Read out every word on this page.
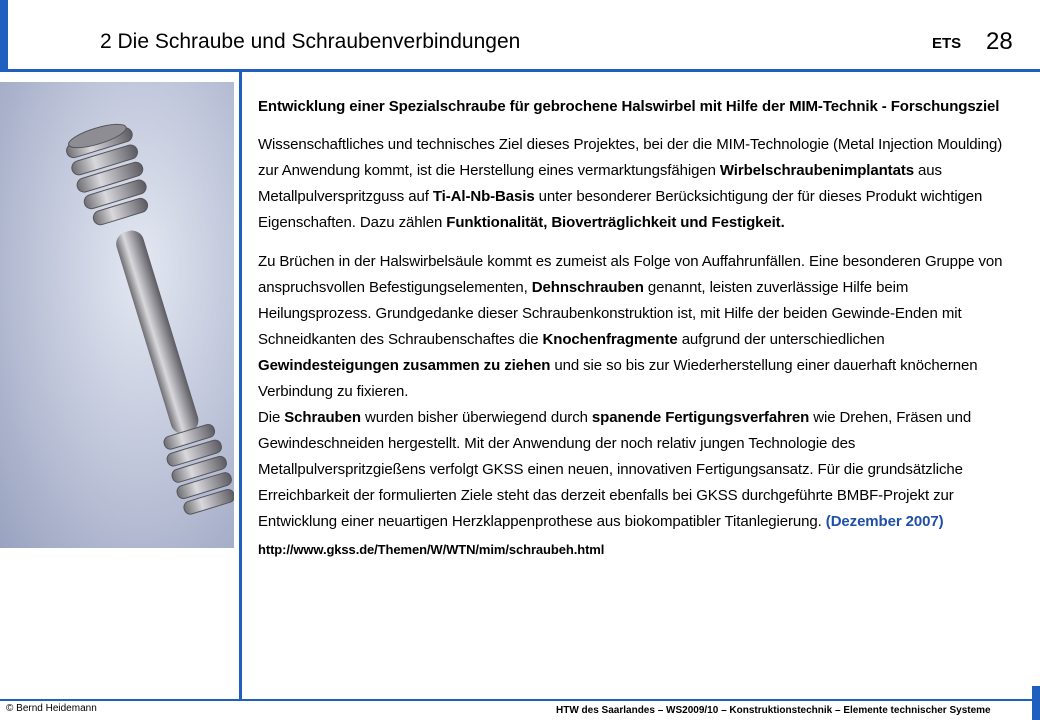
2 Die Schraube und Schraubenverbindungen	ETS 28

Entwicklung einer Spezialschraube für gebrochene Halswirbel mit Hilfe der MIM-Technik - Forschungsziel

Wissenschaftliches und technisches Ziel dieses Projektes, bei der die MIM-Technologie (Metal Injection Moulding) zur Anwendung kommt, ist die Herstellung eines vermarktungsfähigen Wirbelschraubenimplantats aus Metallpulverspritzguss auf Ti-Al-Nb-Basis unter besonderer Berücksichtigung der für dieses Produkt wichtigen Eigenschaften. Dazu zählen Funktionalität, Bioverträglichkeit und Festigkeit.

Zu Brüchen in der Halswirbelsäule kommt es zumeist als Folge von Auffahrunfällen. Eine besonderen Gruppe von anspruchsvollen Befestigungselementen, Dehnschrauben genannt, leisten zuverlässige Hilfe beim Heilungsprozess. Grundgedanke dieser Schraubenkonstruktion ist, mit Hilfe der beiden Gewinde-Enden mit Schneidkanten des Schraubenschaftes die Knochenfragmente aufgrund der unterschiedlichen Gewindesteigungen zusammen zu ziehen und sie so bis zur Wiederherstellung einer dauerhaft knöchernen Verbindung zu fixieren.

Die Schrauben wurden bisher überwiegend durch spanende Fertigungsverfahren wie Drehen, Fräsen und Gewindeschneiden hergestellt. Mit der Anwendung der noch relativ jungen Technologie des Metallpulverspritzgießens verfolgt GKSS einen neuen, innovativen Fertigungsansatz. Für die grundsätzliche Erreichbarkeit der formulierten Ziele steht das derzeit ebenfalls bei GKSS durchgeführte BMBF-Projekt zur Entwicklung einer neuartigen Herzklappenprothese aus biokompatibler Titanlegierung. (Dezember 2007)

http://www.gkss.de/Themen/W/WTN/mim/schraubeh.html

© Bernd Heidemann	HTW des Saarlandes – WS2009/10 – Konstruktionstechnik – Elemente technischer Systeme
